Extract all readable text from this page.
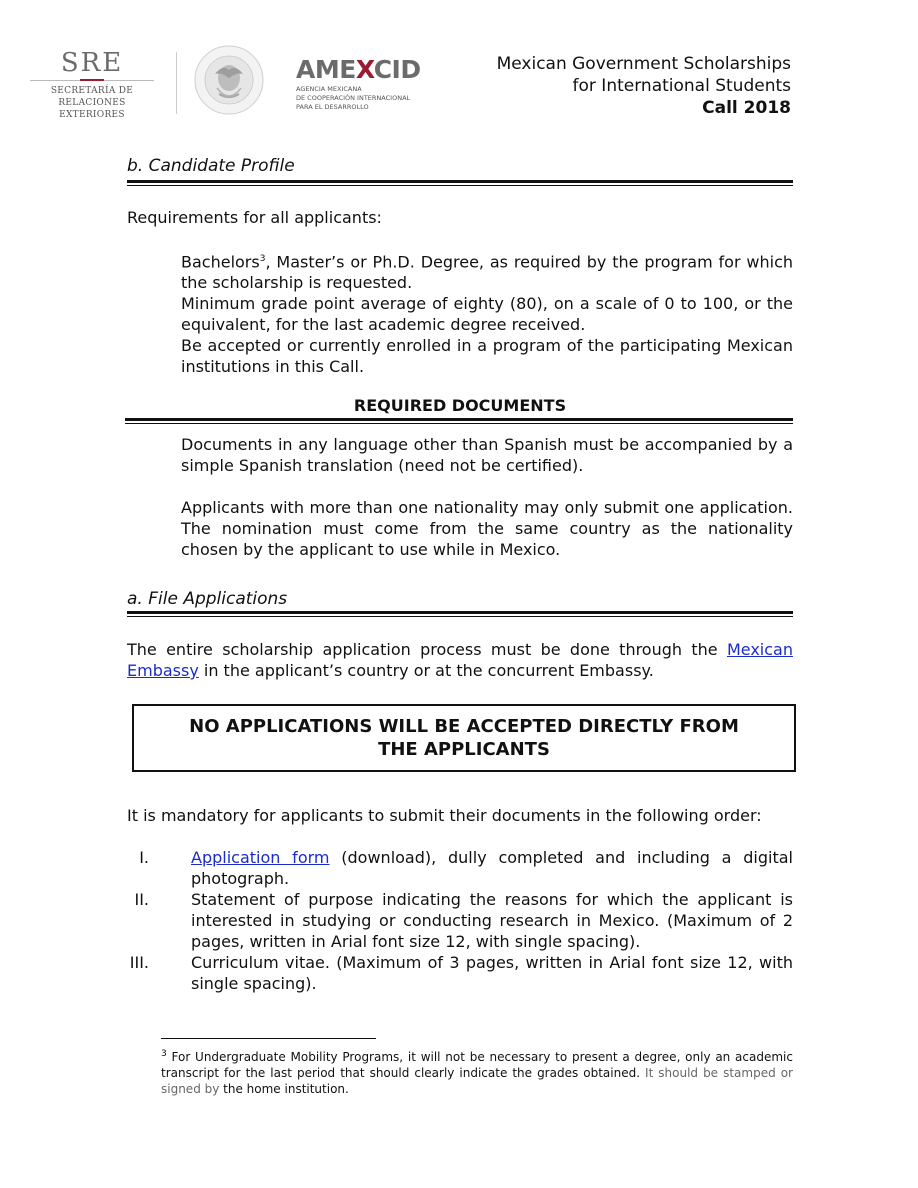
SRE
SECRETARÍA DE
RELACIONES EXTERIORES
AMEXCID
AGENCIA MEXICANA
DE COOPERACIÓN INTERNACIONAL
PARA EL DESARROLLO
Mexican Government Scholarships
for International Students
Call 2018
b. Candidate Profile
Requirements for all applicants:
Bachelors$^3$, Master’s or Ph.D. Degree, as required by the program for which the scholarship is requested.
Minimum grade point average of eighty (80), on a scale of 0 to 100, or the equivalent, for the last academic degree received.
Be accepted or currently enrolled in a program of the participating Mexican institutions in this Call.
REQUIRED DOCUMENTS
Documents in any language other than Spanish must be accompanied by a simple Spanish translation (need not be certified).
Applicants with more than one nationality may only submit one application. The nomination must come from the same country as the nationality chosen by the applicant to use while in Mexico.
a. File Applications
The entire scholarship application process must be done through the Mexican Embassy in the applicant’s country or at the concurrent Embassy.
NO APPLICATIONS WILL BE ACCEPTED DIRECTLY FROM THE APPLICANTS
It is mandatory for applicants to submit their documents in the following order:
I.	Application form (download), dully completed and including a digital photograph.
II.	Statement of purpose indicating the reasons for which the applicant is interested in studying or conducting research in Mexico. (Maximum of 2 pages, written in Arial font size 12, with single spacing).
III.	Curriculum vitae. (Maximum of 3 pages, written in Arial font size 12, with single spacing).
$^3$ For Undergraduate Mobility Programs, it will not be necessary to present a degree, only an academic transcript for the last period that should clearly indicate the grades obtained. It should be stamped or signed by the home institution.
